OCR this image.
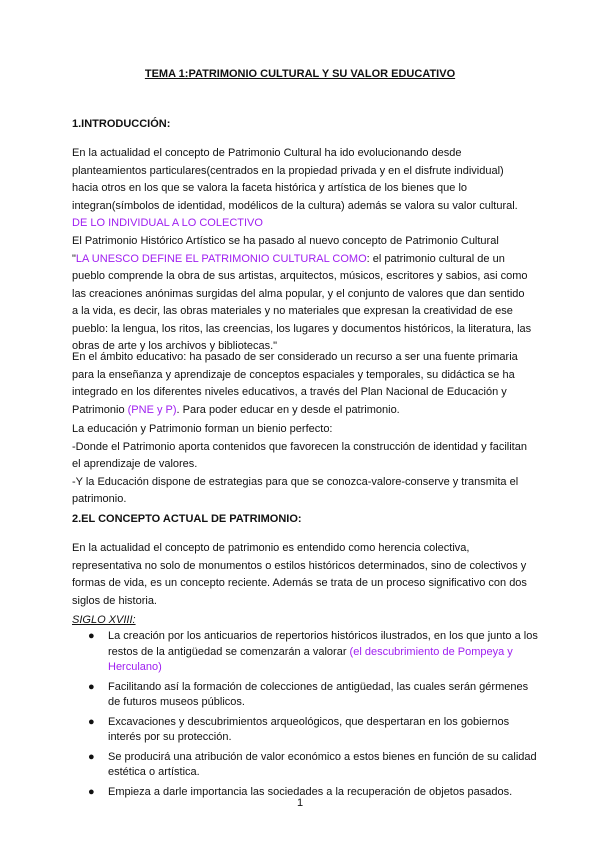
TEMA 1:PATRIMONIO CULTURAL Y SU VALOR EDUCATIVO
1.INTRODUCCIÓN:

En la actualidad el concepto de Patrimonio Cultural ha ido evolucionando desde planteamientos particulares(centrados en la propiedad privada y en el disfrute individual) hacia otros en los que se valora la faceta histórica y artística de los bienes que lo integran(símbolos de identidad, modélicos de la cultura) además se valora su valor cultural.
DE LO INDIVIDUAL A LO COLECTIVO

El Patrimonio Histórico Artístico se ha pasado al nuevo concepto de Patrimonio Cultural
"LA UNESCO DEFINE EL PATRIMONIO CULTURAL COMO: el patrimonio cultural de un pueblo comprende la obra de sus artistas, arquitectos, músicos, escritores y sabios, asi como las creaciones anónimas surgidas del alma popular, y el conjunto de valores que dan sentido a la vida, es decir, las obras materiales y no materiales que expresan la creatividad de ese pueblo: la lengua, los ritos, las creencias, los lugares y documentos históricos, la literatura, las obras de arte y los archivos y bibliotecas."

En el ámbito educativo: ha pasado de ser considerado un recurso a ser una fuente primaria para la enseñanza y aprendizaje de conceptos espaciales y temporales, su didáctica se ha integrado en los diferentes niveles educativos, a través del Plan Nacional de Educación y Patrimonio (PNE y P). Para poder educar en y desde el patrimonio.

La educación y Patrimonio forman un bienio perfecto:
-Donde el Patrimonio aporta contenidos que favorecen la construcción de identidad y facilitan el aprendizaje de valores.
-Y la Educación dispone de estrategias para que se conozca-valore-conserve y transmita el patrimonio.

2.EL CONCEPTO ACTUAL DE PATRIMONIO:

En la actualidad el concepto de patrimonio es entendido como herencia colectiva, representativa no solo de monumentos o estilos históricos determinados, sino de colectivos y formas de vida, es un concepto reciente. Además se trata de un proceso significativo con dos siglos de historia.

SIGLO XVIII:
● La creación por los anticuarios de repertorios históricos ilustrados, en los que junto a los restos de la antigüedad se comenzarán a valorar (el descubrimiento de Pompeya y Herculano)
● Facilitando así la formación de colecciones de antigüedad, las cuales serán gérmenes de futuros museos públicos.
● Excavaciones y descubrimientos arqueológicos, que despertaran en los gobiernos interés por su protección.
● Se producirá una atribución de valor económico a estos bienes en función de su calidad estética o artística.
● Empieza a darle importancia las sociedades a la recuperación de objetos pasados.
1
